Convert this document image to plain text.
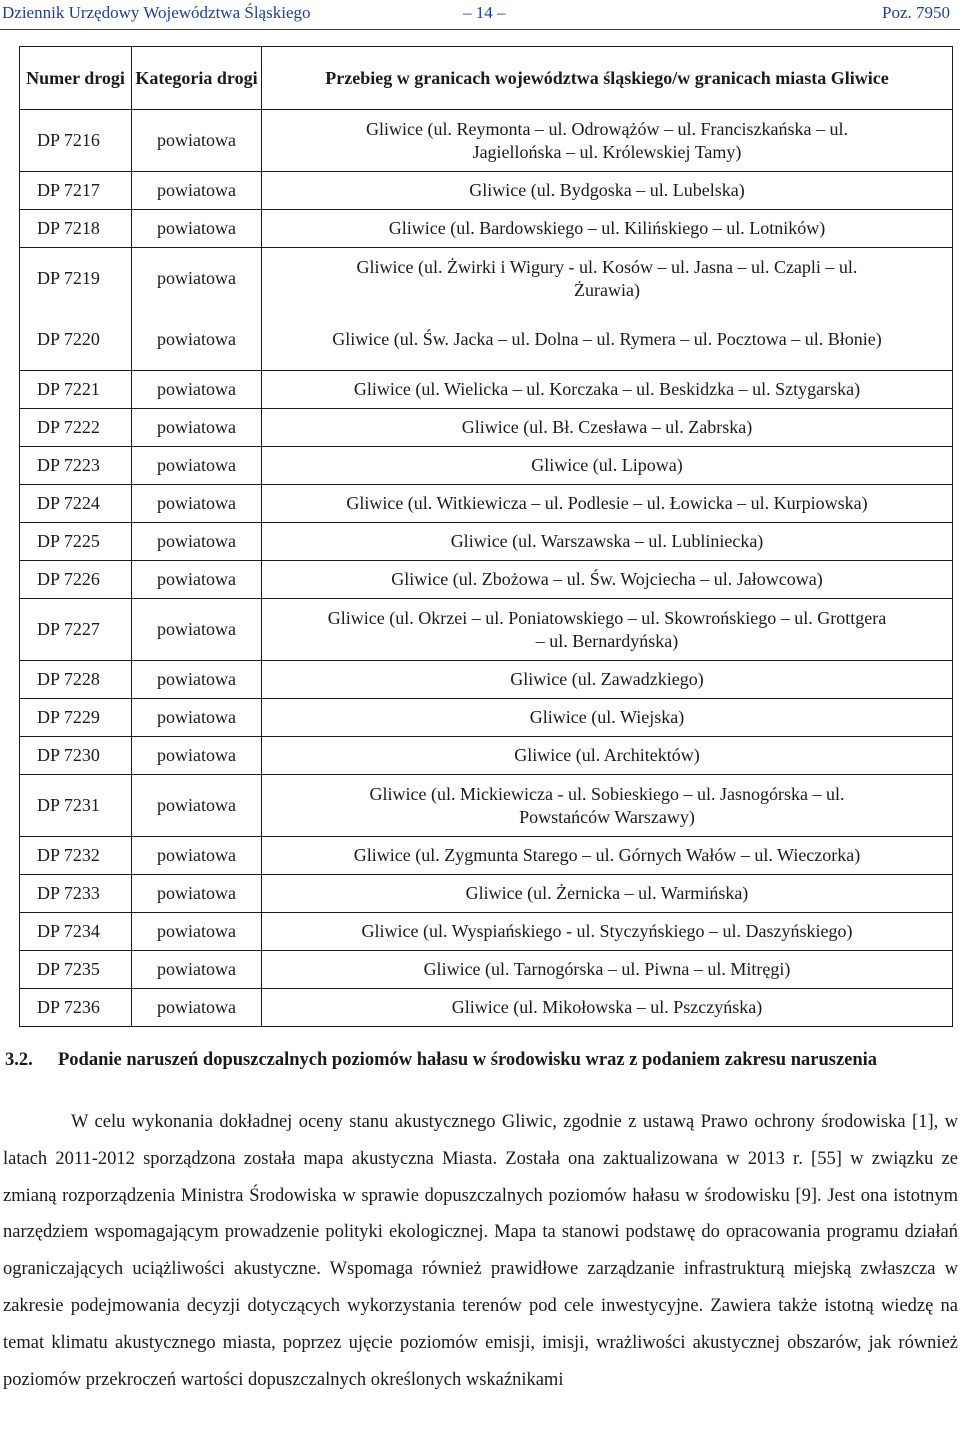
Dziennik Urzędowy Województwa Śląskiego	– 14 –	Poz. 7950
Numer drogi	Kategoria drogi	Przebieg w granicach województwa śląskiego/w granicach miasta Gliwice
DP 7216	powiatowa	Gliwice (ul. Reymonta – ul. Odrowążów – ul. Franciszkańska – ul. Jagiellońska – ul. Królewskiej Tamy)
DP 7217	powiatowa	Gliwice (ul. Bydgoska – ul. Lubelska)
DP 7218	powiatowa	Gliwice (ul. Bardowskiego – ul. Kilińskiego – ul. Lotników)
DP 7219	powiatowa	Gliwice (ul. Żwirki i Wigury - ul. Kosów – ul. Jasna – ul. Czapli – ul. Żurawia)
DP 7220	powiatowa	Gliwice (ul. Św. Jacka – ul. Dolna – ul. Rymera – ul. Pocztowa – ul. Błonie)
DP 7221	powiatowa	Gliwice (ul. Wielicka – ul. Korczaka – ul. Beskidzka – ul. Sztygarska)
DP 7222	powiatowa	Gliwice (ul. Bł. Czesława – ul. Zabrska)
DP 7223	powiatowa	Gliwice (ul. Lipowa)
DP 7224	powiatowa	Gliwice (ul. Witkiewicza – ul. Podlesie – ul. Łowicka – ul. Kurpiowska)
DP 7225	powiatowa	Gliwice (ul. Warszawska – ul. Lubliniecka)
DP 7226	powiatowa	Gliwice (ul. Zbożowa – ul. Św. Wojciecha – ul. Jałowcowa)
DP 7227	powiatowa	Gliwice (ul. Okrzei – ul. Poniatowskiego – ul. Skowrońskiego – ul. Grottgera – ul. Bernardyńska)
DP 7228	powiatowa	Gliwice (ul. Zawadzkiego)
DP 7229	powiatowa	Gliwice (ul. Wiejska)
DP 7230	powiatowa	Gliwice (ul. Architektów)
DP 7231	powiatowa	Gliwice (ul. Mickiewicza - ul. Sobieskiego – ul. Jasnogórska – ul. Powstańców Warszawy)
DP 7232	powiatowa	Gliwice (ul. Zygmunta Starego – ul. Górnych Wałów – ul. Wieczorka)
DP 7233	powiatowa	Gliwice (ul. Żernicka – ul. Warmińska)
DP 7234	powiatowa	Gliwice (ul. Wyspiańskiego - ul. Styczyńskiego – ul. Daszyńskiego)
DP 7235	powiatowa	Gliwice (ul. Tarnogórska – ul. Piwna – ul. Mitręgi)
DP 7236	powiatowa	Gliwice (ul. Mikołowska – ul. Pszczyńska)
3.2.	Podanie naruszeń dopuszczalnych poziomów hałasu w środowisku wraz z podaniem zakresu naruszenia
W celu wykonania dokładnej oceny stanu akustycznego Gliwic, zgodnie z ustawą Prawo ochrony środowiska [1], w latach 2011-2012 sporządzona została mapa akustyczna Miasta. Została ona zaktualizowana w 2013 r. [55] w związku ze zmianą rozporządzenia Ministra Środowiska w sprawie dopuszczalnych poziomów hałasu w środowisku [9]. Jest ona istotnym narzędziem wspomagającym prowadzenie polityki ekologicznej. Mapa ta stanowi podstawę do opracowania programu działań ograniczających uciążliwości akustyczne. Wspomaga również prawidłowe zarządzanie infrastrukturą miejską zwłaszcza w zakresie podejmowania decyzji dotyczących wykorzystania terenów pod cele inwestycyjne. Zawiera także istotną wiedzę na temat klimatu akustycznego miasta, poprzez ujęcie poziomów emisji, imisji, wrażliwości akustycznej obszarów, jak również poziomów przekroczeń wartości dopuszczalnych określonych wskaźnikami
